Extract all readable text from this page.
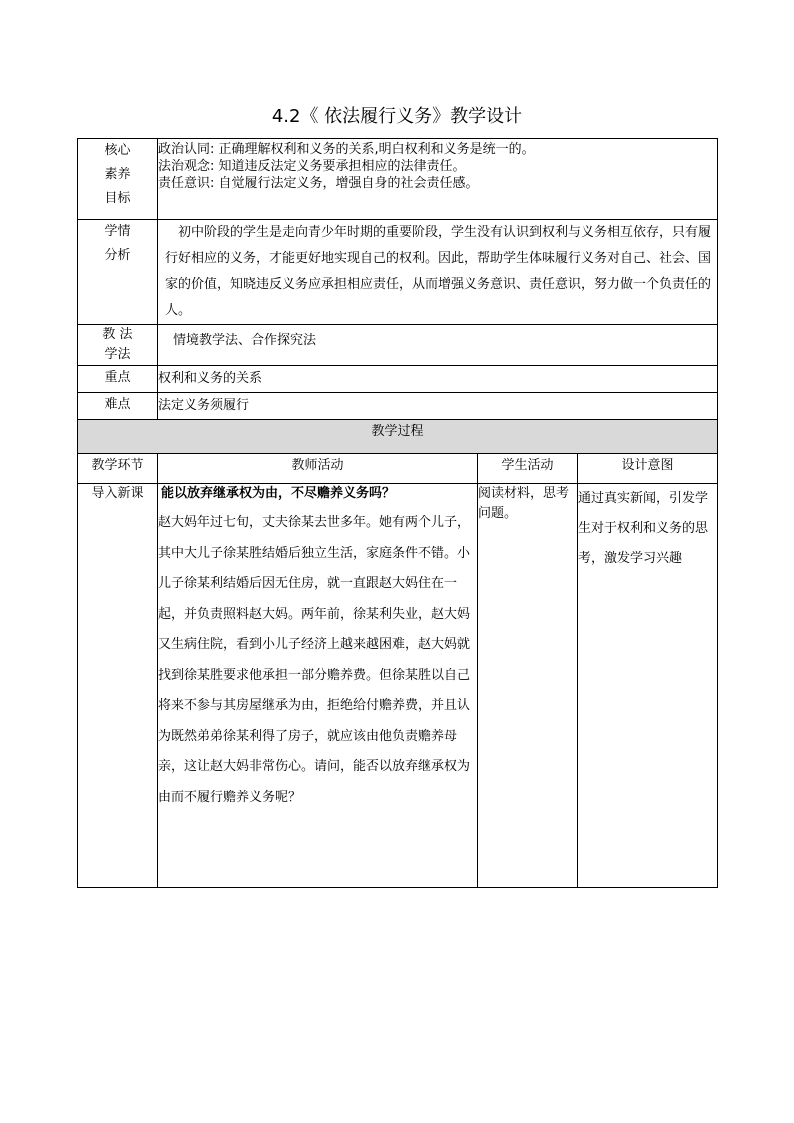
4.2《 依法履行义务》教学设计
核心
素养
目标	政治认同: 正确理解权利和义务的关系,明白权利和义务是统一的。
法治观念: 知道违反法定义务要承担相应的法律责任。
责任意识: 自觉履行法定义务，增强自身的社会责任感。		

学情
分析	初中阶段的学生是走向青少年时期的重要阶段，学生没有认识到权利与义务相互依存，只有履行好相应的义务，才能更好地实现自己的权利。因此，帮助学生体味履行义务对自己、社会、国家的价值，知晓违反义务应承担相应责任，从而增强义务意识、责任意识，努力做一个负责任的人。		

教 法
学法	情境教学法、合作探究法		
重点	权利和义务的关系		
难点	法定义务须履行		
教学过程			
教学环节	教师活动	学生活动	设计意图
导入新课	能以放弃继承权为由，不尽赡养义务吗？
赵大妈年过七旬，丈夫徐某去世多年。她有两个儿子，其中大儿子徐某胜结婚后独立生活，家庭条件不错。小儿子徐某利结婚后因无住房，就一直跟赵大妈住在一起，并负责照料赵大妈。两年前，徐某利失业，赵大妈又生病住院，看到小儿子经济上越来越困难，赵大妈就找到徐某胜要求他承担一部分赡养费。但徐某胜以自己将来不参与其房屋继承为由，拒绝给付赡养费，并且认为既然弟弟徐某利得了房子，就应该由他负责赡养母亲，这让赵大妈非常伤心。请问，能否以放弃继承权为由而不履行赡养义务呢？	阅读材料，思考问题。	通过真实新闻，引发学生对于权利和义务的思考，激发学习兴趣
